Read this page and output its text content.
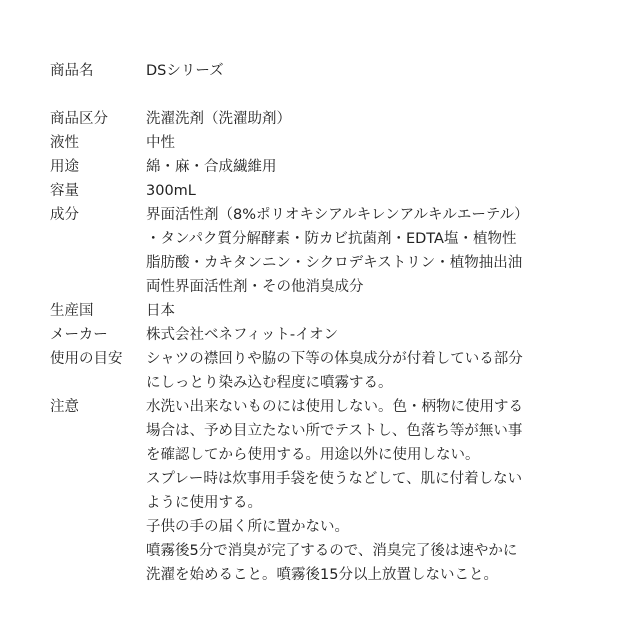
商品名	DSシリーズ
商品区分	洗濯洗剤（洗濯助剤）
液性	中性
用途	綿・麻・合成繊維用
容量	300mL
成分	界面活性剤（8%ポリオキシアルキレンアルキルエーテル）
・タンパク質分解酵素・防カビ抗菌剤・EDTA塩・植物性
脂肪酸・カキタンニン・シクロデキストリン・植物抽出油
両性界面活性剤・その他消臭成分
生産国	日本
メーカー	株式会社ベネフィット-イオン
使用の目安	シャツの襟回りや脇の下等の体臭成分が付着している部分
にしっとり染み込む程度に噴霧する。
注意	水洗い出来ないものには使用しない。色・柄物に使用する
場合は、予め目立たない所でテストし、色落ち等が無い事
を確認してから使用する。用途以外に使用しない。
スプレー時は炊事用手袋を使うなどして、肌に付着しない
ように使用する。
子供の手の届く所に置かない。
噴霧後5分で消臭が完了するので、消臭完了後は速やかに
洗濯を始めること。噴霧後15分以上放置しないこと。
